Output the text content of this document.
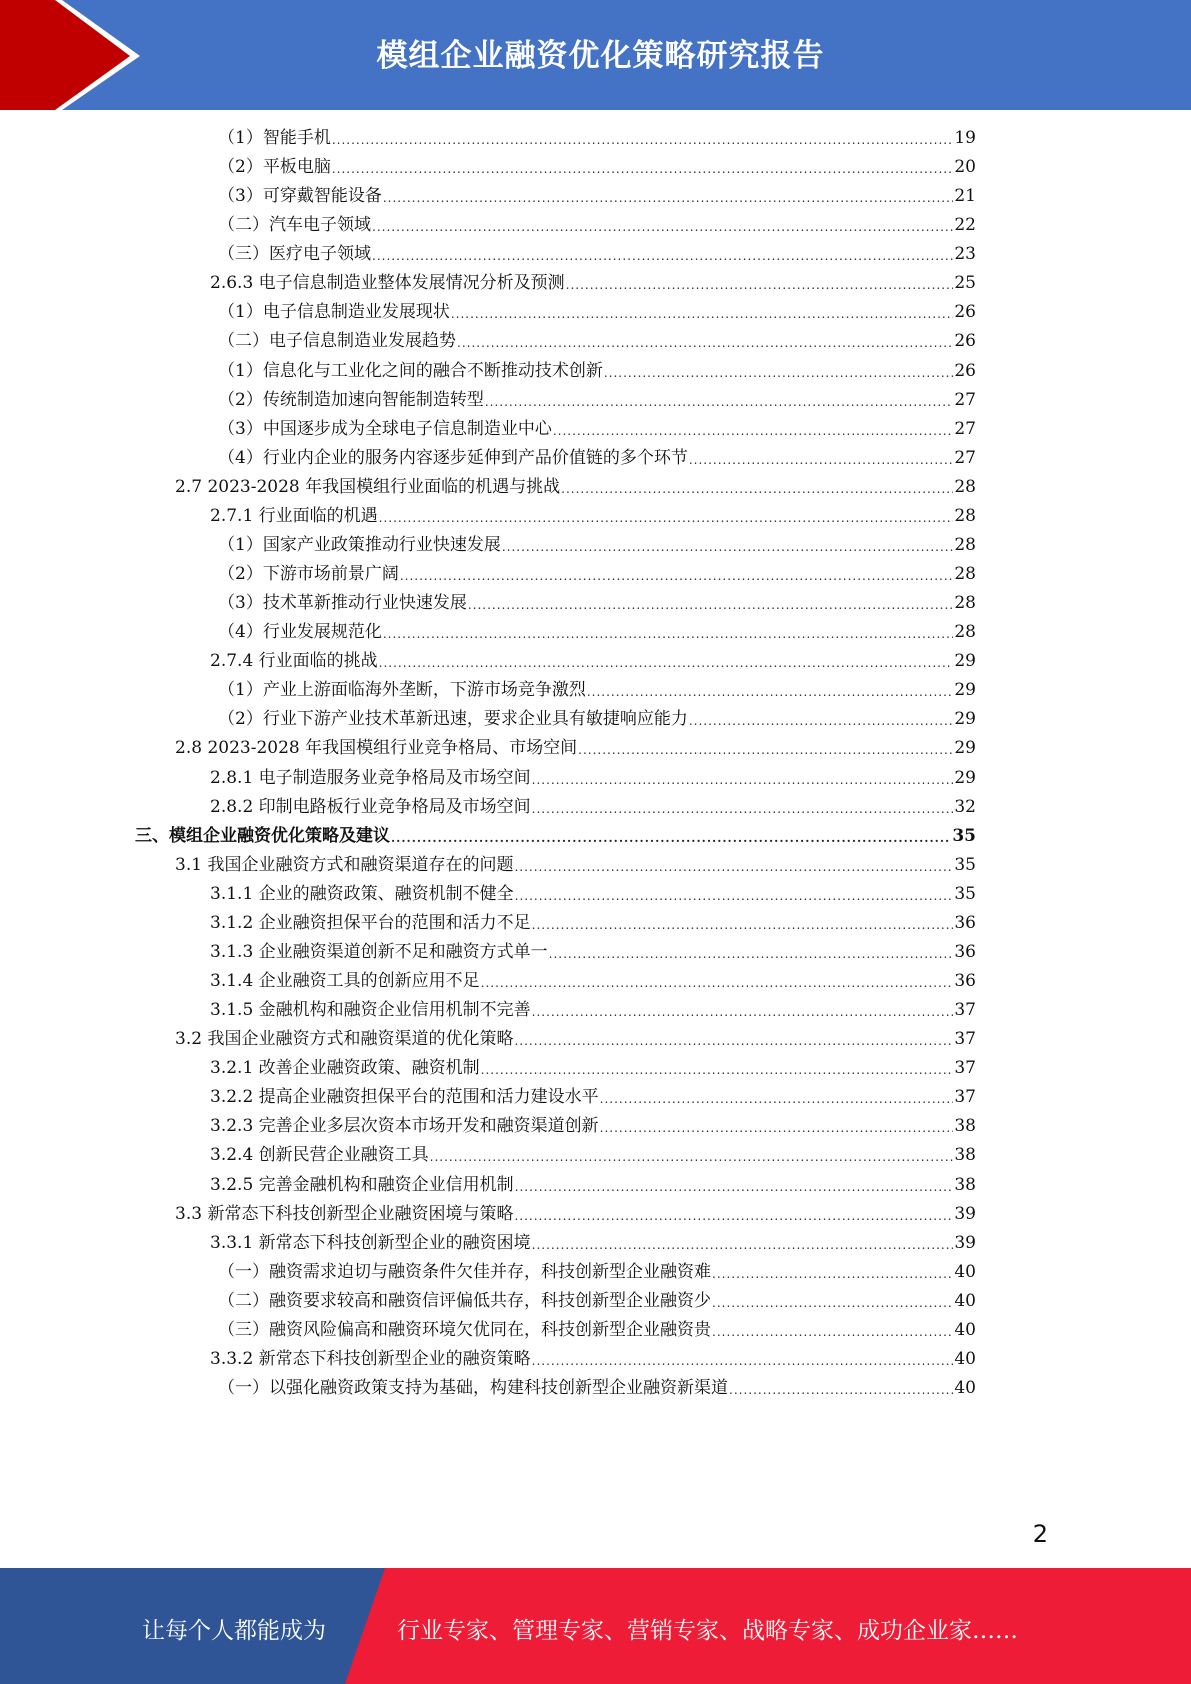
模组企业融资优化策略研究报告
（1）智能手机 .....	19
（2）平板电脑 .....	20
（3）可穿戴智能设备 .....	21
（二）汽车电子领域 .....	22
（三）医疗电子领域 .....	23
2.6.3 电子信息制造业整体发展情况分析及预测 .....	25
（1）电子信息制造业发展现状 .....	26
（二）电子信息制造业发展趋势 .....	26
（1）信息化与工业化之间的融合不断推动技术创新 .....	26
（2）传统制造加速向智能制造转型 .....	27
（3）中国逐步成为全球电子信息制造业中心 .....	27
（4）行业内企业的服务内容逐步延伸到产品价值链的多个环节 .....	27
2.7 2023-2028 年我国模组行业面临的机遇与挑战 .....	28
2.7.1 行业面临的机遇 .....	28
（1）国家产业政策推动行业快速发展 .....	28
（2）下游市场前景广阔 .....	28
（3）技术革新推动行业快速发展 .....	28
（4）行业发展规范化 .....	28
2.7.4 行业面临的挑战 .....	29
（1）产业上游面临海外垄断，下游市场竞争激烈 .....	29
（2）行业下游产业技术革新迅速，要求企业具有敏捷响应能力 .....	29
2.8 2023-2028 年我国模组行业竞争格局、市场空间 .....	29
2.8.1 电子制造服务业竞争格局及市场空间 .....	29
2.8.2 印制电路板行业竞争格局及市场空间 .....	32
三、模组企业融资优化策略及建议 .....	35
3.1 我国企业融资方式和融资渠道存在的问题 .....	35
3.1.1 企业的融资政策、融资机制不健全 .....	35
3.1.2 企业融资担保平台的范围和活力不足 .....	36
3.1.3 企业融资渠道创新不足和融资方式单一 .....	36
3.1.4 企业融资工具的创新应用不足 .....	36
3.1.5 金融机构和融资企业信用机制不完善 .....	37
3.2 我国企业融资方式和融资渠道的优化策略 .....	37
3.2.1 改善企业融资政策、融资机制 .....	37
3.2.2 提高企业融资担保平台的范围和活力建设水平 .....	37
3.2.3 完善企业多层次资本市场开发和融资渠道创新 .....	38
3.2.4 创新民营企业融资工具 .....	38
3.2.5 完善金融机构和融资企业信用机制 .....	38
3.3 新常态下科技创新型企业融资困境与策略 .....	39
3.3.1 新常态下科技创新型企业的融资困境 .....	39
（一）融资需求迫切与融资条件欠佳并存，科技创新型企业融资难 .....	40
（二）融资要求较高和融资信评偏低共存，科技创新型企业融资少 .....	40
（三）融资风险偏高和融资环境欠优同在，科技创新型企业融资贵 .....	40
3.3.2 新常态下科技创新型企业的融资策略 .....	40
（一）以强化融资政策支持为基础，构建科技创新型企业融资新渠道 .....	40
2
让每个人都能成为	行业专家、管理专家、营销专家、战略专家、成功企业家……
